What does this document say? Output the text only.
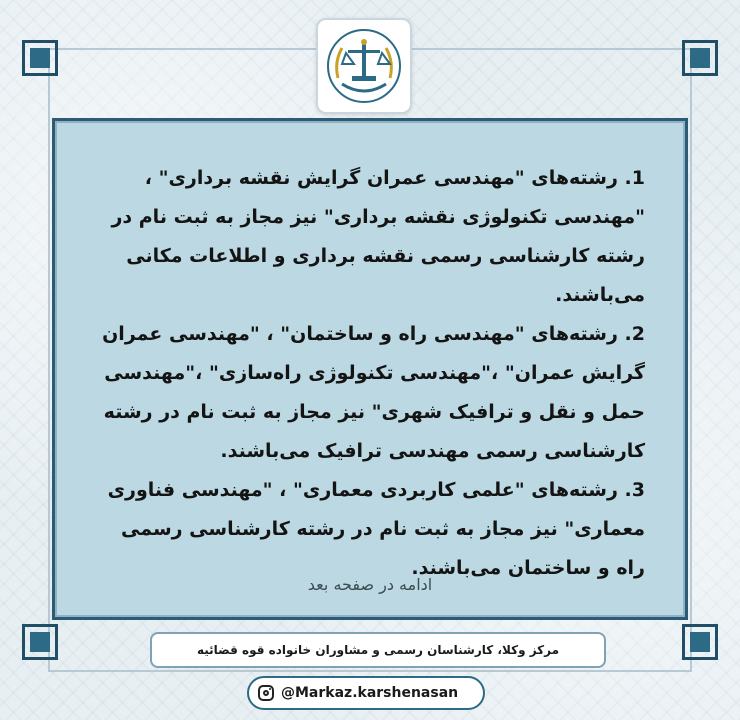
1. رشته‌های "مهندسی عمران گرایش نقشه برداری" ، "مهندسی تکنولوژی نقشه برداری" نیز مجاز به ثبت نام در رشته کارشناسی رسمی نقشه برداری و اطلاعات مکانی می‌باشند.

2. رشته‌های "مهندسی راه و ساختمان" ، "مهندسی عمران گرایش عمران" ،"مهندسی تکنولوژی راه‌سازی" ،"مهندسی حمل و نقل و ترافیک شهری" نیز مجاز به ثبت نام در رشته کارشناسی رسمی مهندسی ترافیک می‌باشند.

3. رشته‌های "علمی کاربردی معماری" ، "مهندسی فناوری معماری" نیز مجاز به ثبت نام در رشته کارشناسی رسمی راه و ساختمان می‌باشند.

ادامه در صفحه بعد
مرکز وکلا، کارشناسان رسمی و مشاوران خانواده قوه قضائیه
@Markaz.karshenasan
